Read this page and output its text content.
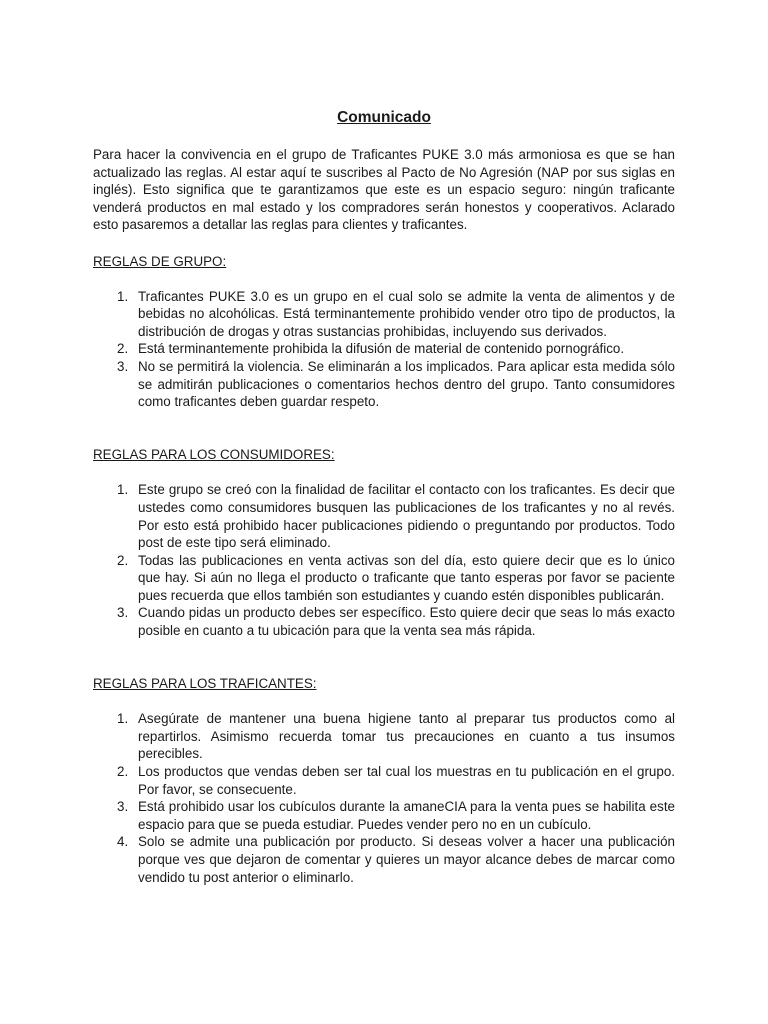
Comunicado

Para hacer la convivencia en el grupo de Traficantes PUKE 3.0 más armoniosa es que se han actualizado las reglas. Al estar aquí te suscribes al Pacto de No Agresión (NAP por sus siglas en inglés). Esto significa que te garantizamos que este es un espacio seguro: ningún traficante venderá productos en mal estado y los compradores serán honestos y cooperativos. Aclarado esto pasaremos a detallar las reglas para clientes y traficantes.

REGLAS DE GRUPO:

1. Traficantes PUKE 3.0 es un grupo en el cual solo se admite la venta de alimentos y de bebidas no alcohólicas. Está terminantemente prohibido vender otro tipo de productos, la distribución de drogas y otras sustancias prohibidas, incluyendo sus derivados.
2. Está terminantemente prohibida la difusión de material de contenido pornográfico.
3. No se permitirá la violencia. Se eliminarán a los implicados. Para aplicar esta medida sólo se admitirán publicaciones o comentarios hechos dentro del grupo. Tanto consumidores como traficantes deben guardar respeto.

REGLAS PARA LOS CONSUMIDORES:

1. Este grupo se creó con la finalidad de facilitar el contacto con los traficantes. Es decir que ustedes como consumidores busquen las publicaciones de los traficantes y no al revés. Por esto está prohibido hacer publicaciones pidiendo o preguntando por productos. Todo post de este tipo será eliminado.
2. Todas las publicaciones en venta activas son del día, esto quiere decir que es lo único que hay. Si aún no llega el producto o traficante que tanto esperas por favor se paciente pues recuerda que ellos también son estudiantes y cuando estén disponibles publicarán.
3. Cuando pidas un producto debes ser específico. Esto quiere decir que seas lo más exacto posible en cuanto a tu ubicación para que la venta sea más rápida.

REGLAS PARA LOS TRAFICANTES:

1. Asegúrate de mantener una buena higiene tanto al preparar tus productos como al repartirlos. Asimismo recuerda tomar tus precauciones en cuanto a tus insumos perecibles.
2. Los productos que vendas deben ser tal cual los muestras en tu publicación en el grupo. Por favor, se consecuente.
3. Está prohibido usar los cubículos durante la amaneCIA para la venta pues se habilita este espacio para que se pueda estudiar. Puedes vender pero no en un cubículo.
4. Solo se admite una publicación por producto. Si deseas volver a hacer una publicación porque ves que dejaron de comentar y quieres un mayor alcance debes de marcar como vendido tu post anterior o eliminarlo.
